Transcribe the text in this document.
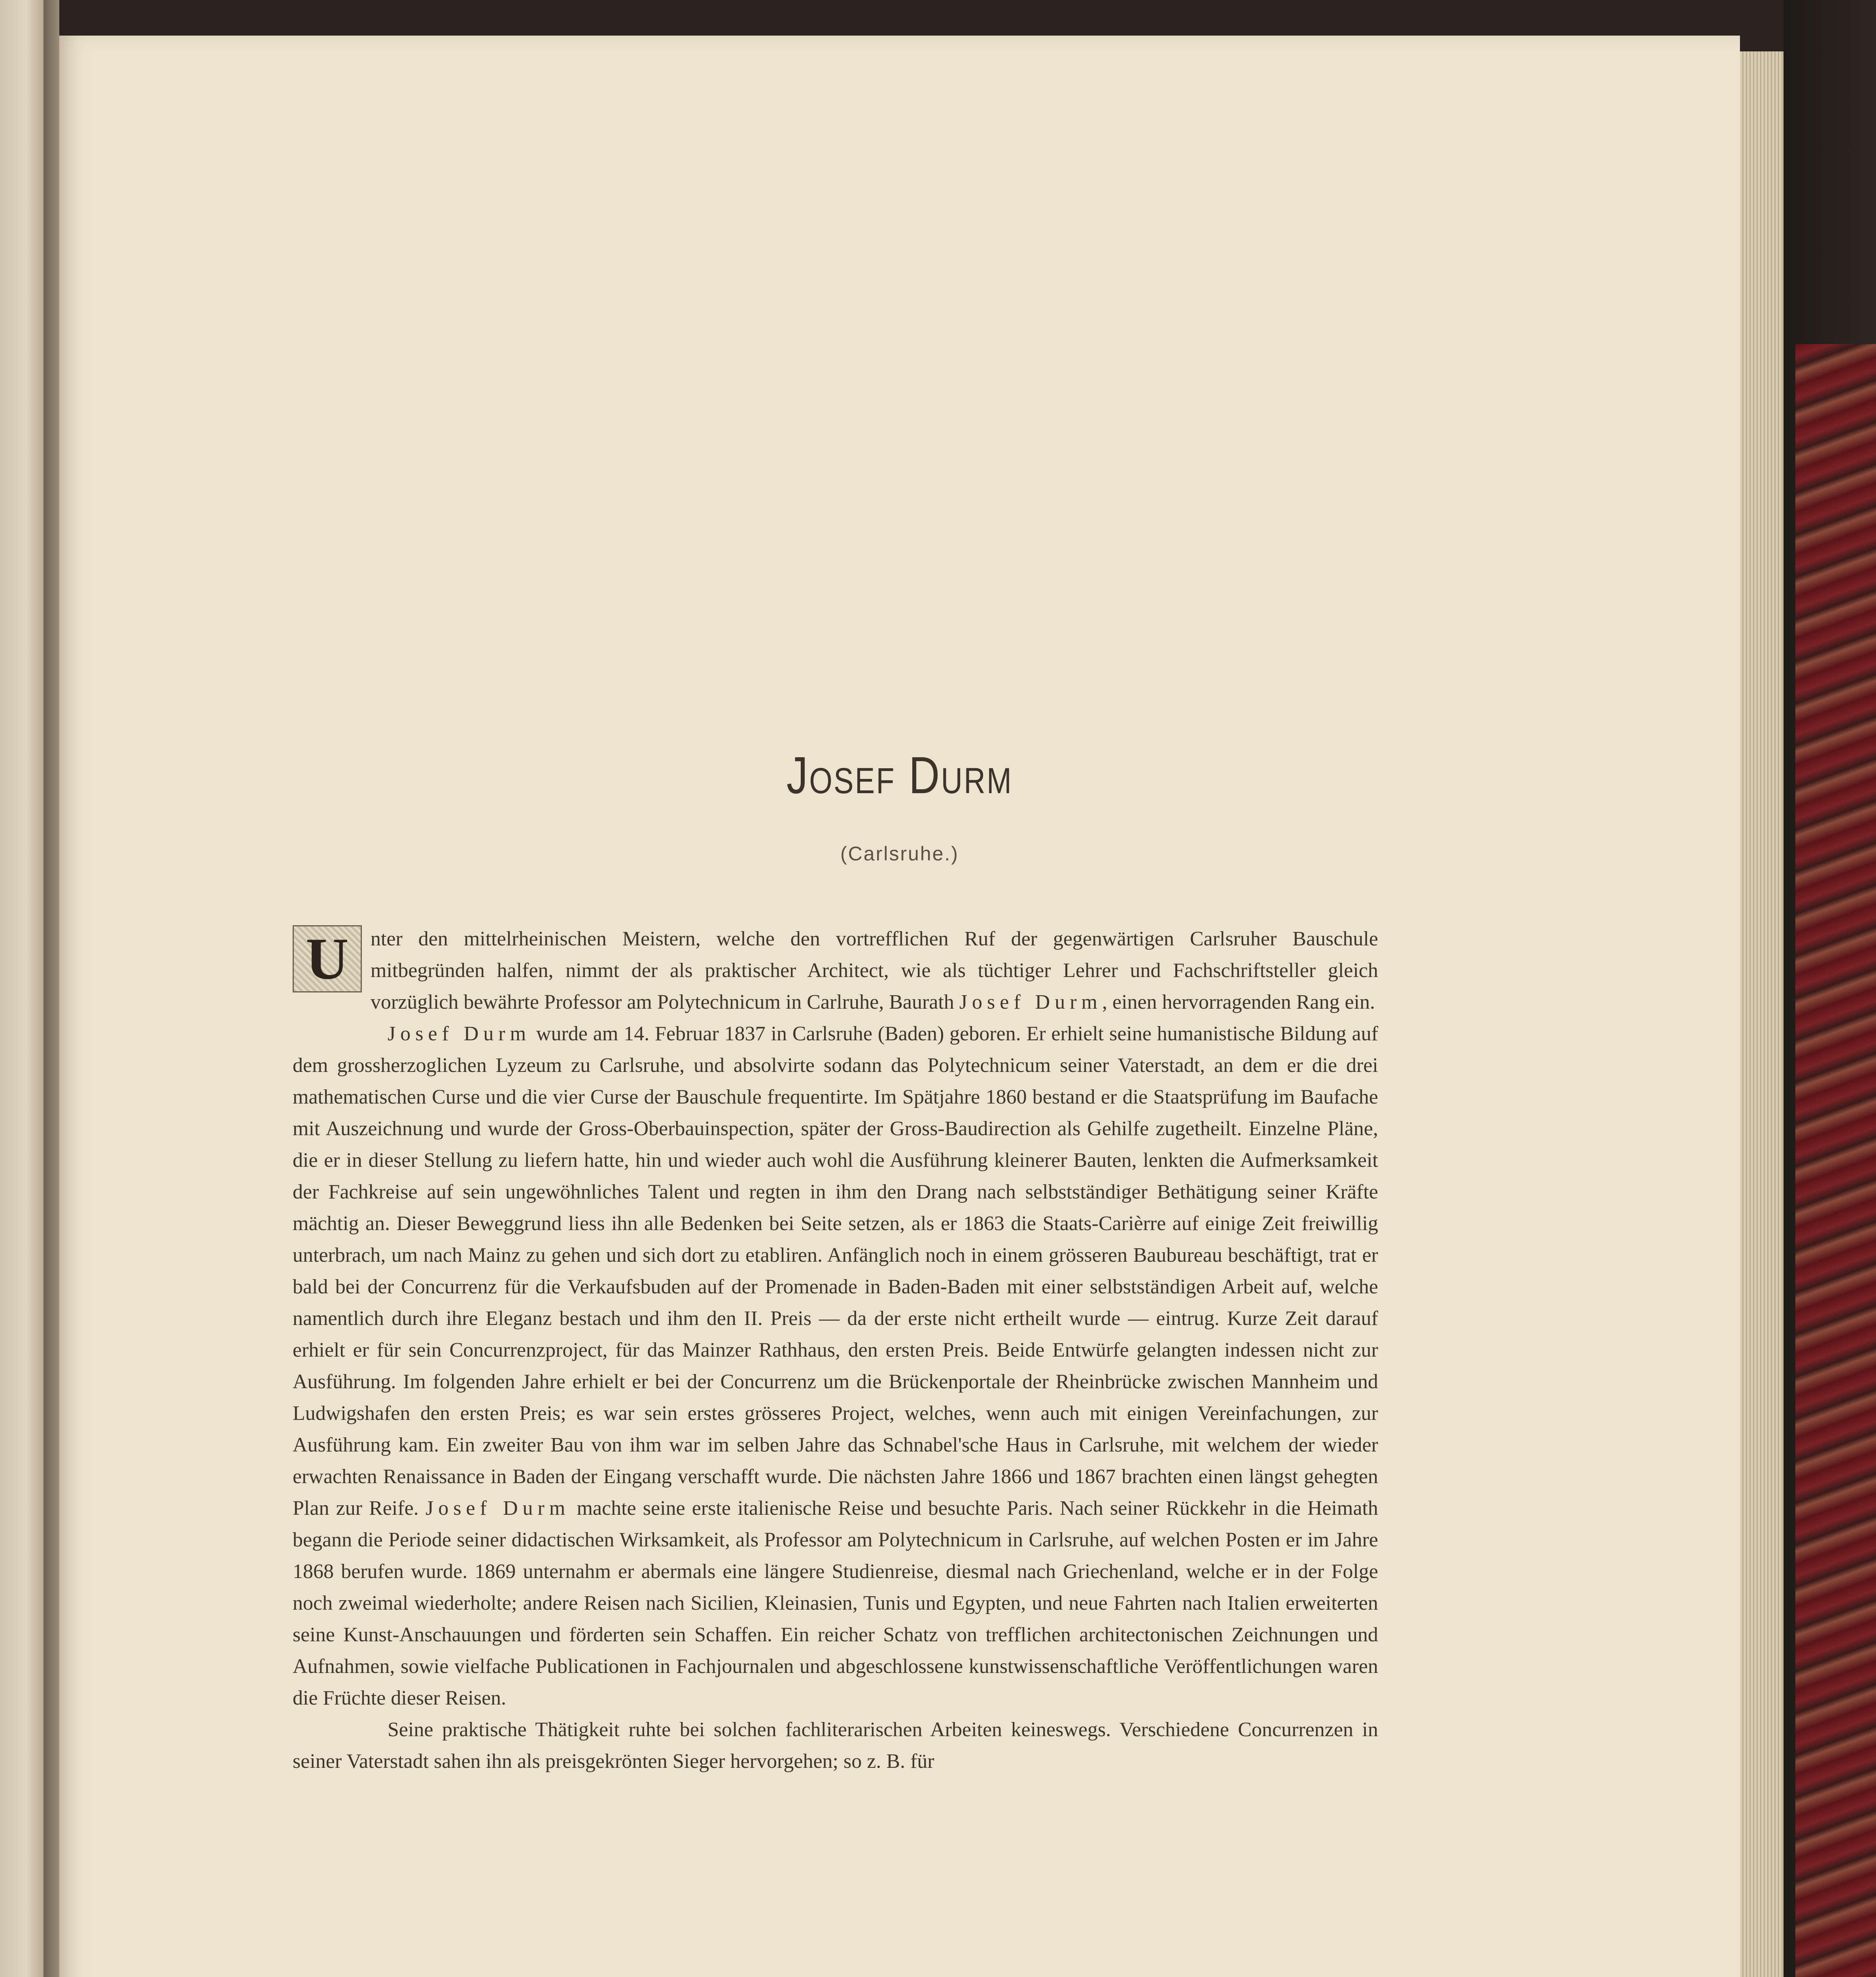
Josef Durm
(Carlsruhe.)

U	nter den mittelrheinischen Meistern, welche den vortrefflichen Ruf der gegenwärtigen Carlsruher Bauschule mitbegründen halfen, nimmt der als praktischer Architect, wie als tüchtiger Lehrer und Fachschriftsteller gleich vorzüglich bewährte Professor am Polytechnicum in Carlruhe, Baurath Josef Durm, einen hervorragenden Rang ein.

Josef Durm wurde am 14. Februar 1837 in Carlsruhe (Baden) geboren. Er erhielt seine humanistische Bildung auf dem grossherzoglichen Lyzeum zu Carlsruhe, und absolvirte sodann das Polytechnicum seiner Vaterstadt, an dem er die drei mathematischen Curse und die vier Curse der Bauschule frequentirte. Im Spätjahre 1860 bestand er die Staatsprüfung im Baufache mit Auszeichnung und wurde der Gross-Oberbauinspection, später der Gross-Baudirection als Gehilfe zugetheilt. Einzelne Pläne, die er in dieser Stellung zu liefern hatte, hin und wieder auch wohl die Ausführung kleinerer Bauten, lenkten die Aufmerksamkeit der Fachkreise auf sein ungewöhnliches Talent und regten in ihm den Drang nach selbstständiger Bethätigung seiner Kräfte mächtig an. Dieser Beweggrund liess ihn alle Bedenken bei Seite setzen, als er 1863 die Staats-Carièrre auf einige Zeit freiwillig unterbrach, um nach Mainz zu gehen und sich dort zu etabliren. Anfänglich noch in einem grösseren Baubureau beschäftigt, trat er bald bei der Concurrenz für die Verkaufsbuden auf der Promenade in Baden-Baden mit einer selbstständigen Arbeit auf, welche namentlich durch ihre Eleganz bestach und ihm den II. Preis — da der erste nicht ertheilt wurde — eintrug. Kurze Zeit darauf erhielt er für sein Concurrenzproject, für das Mainzer Rathhaus, den ersten Preis. Beide Entwürfe gelangten indessen nicht zur Ausführung. Im folgenden Jahre erhielt er bei der Concurrenz um die Brückenportale der Rheinbrücke zwischen Mannheim und Ludwigshafen den ersten Preis; es war sein erstes grösseres Project, welches, wenn auch mit einigen Vereinfachungen, zur Ausführung kam. Ein zweiter Bau von ihm war im selben Jahre das Schnabel'sche Haus in Carlsruhe, mit welchem der wieder erwachten Renaissance in Baden der Eingang verschafft wurde. Die nächsten Jahre 1866 und 1867 brachten einen längst gehegten Plan zur Reife. Josef Durm machte seine erste italienische Reise und besuchte Paris. Nach seiner Rückkehr in die Heimath begann die Periode seiner didactischen Wirksamkeit, als Professor am Polytechnicum in Carlsruhe, auf welchen Posten er im Jahre 1868 berufen wurde. 1869 unternahm er abermals eine längere Studienreise, diesmal nach Griechenland, welche er in der Folge noch zweimal wiederholte; andere Reisen nach Sicilien, Kleinasien, Tunis und Egypten, und neue Fahrten nach Italien erweiterten seine Kunst-Anschauungen und förderten sein Schaffen. Ein reicher Schatz von trefflichen architectonischen Zeichnungen und Aufnahmen, sowie vielfache Publicationen in Fachjournalen und abgeschlossene kunstwissenschaftliche Veröffentlichungen waren die Früchte dieser Reisen.

Seine praktische Thätigkeit ruhte bei solchen fachliterarischen Arbeiten keineswegs. Verschiedene Concurrenzen in seiner Vaterstadt sahen ihn als preisgekrönten Sieger hervorgehen; so z. B. für
